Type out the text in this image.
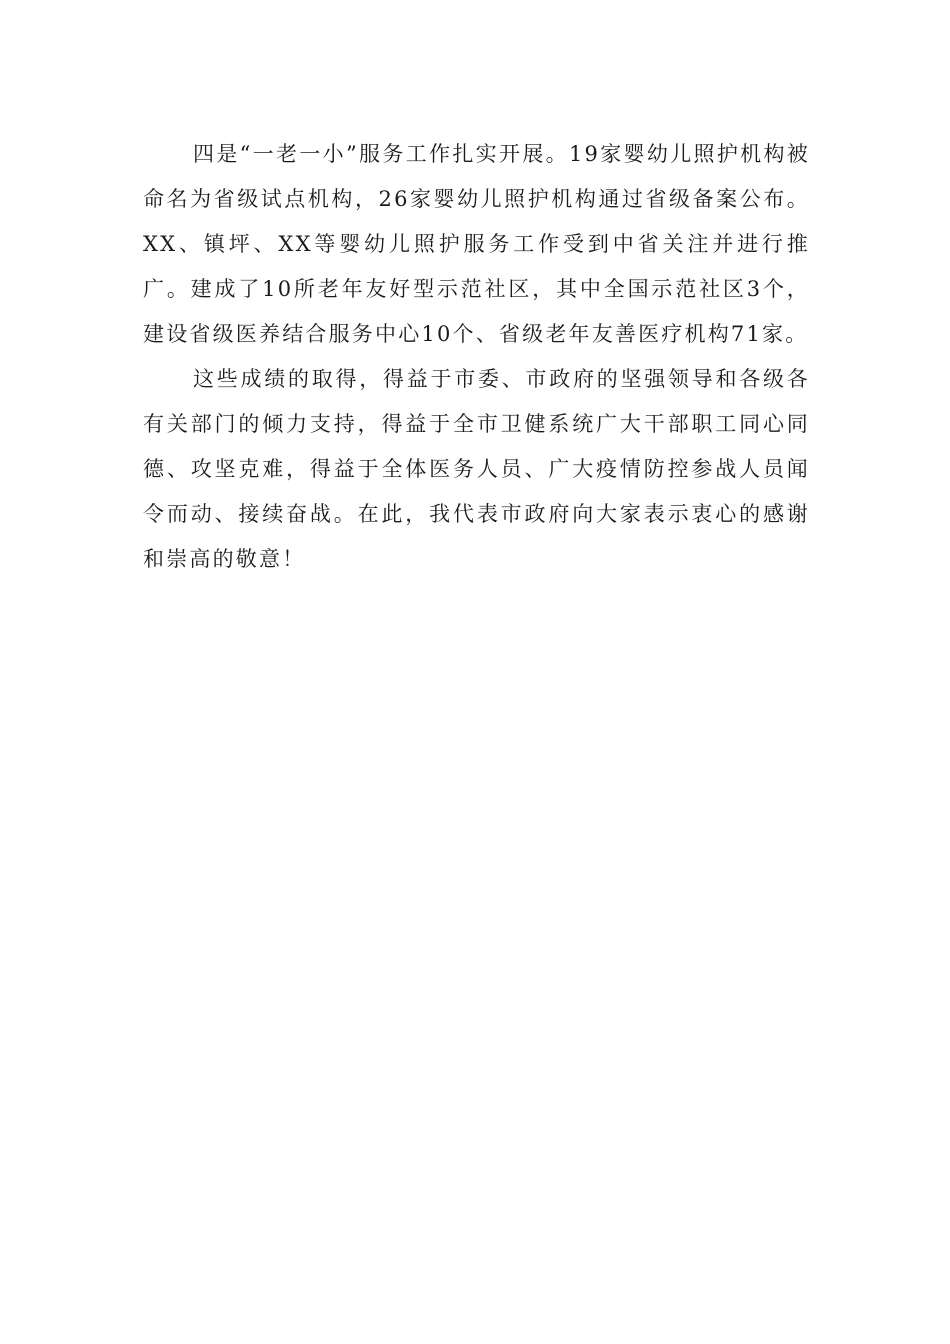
四是“一老一小”服务工作扎实开展。19家婴幼儿照护机构被命名为省级试点机构，26家婴幼儿照护机构通过省级备案公布。XX、镇坪、XX等婴幼儿照护服务工作受到中省关注并进行推广。建成了10所老年友好型示范社区，其中全国示范社区3个，建设省级医养结合服务中心10个、省级老年友善医疗机构71家。

这些成绩的取得，得益于市委、市政府的坚强领导和各级各有关部门的倾力支持，得益于全市卫健系统广大干部职工同心同德、攻坚克难，得益于全体医务人员、广大疫情防控参战人员闻令而动、接续奋战。在此，我代表市政府向大家表示衷心的感谢和崇高的敬意！
